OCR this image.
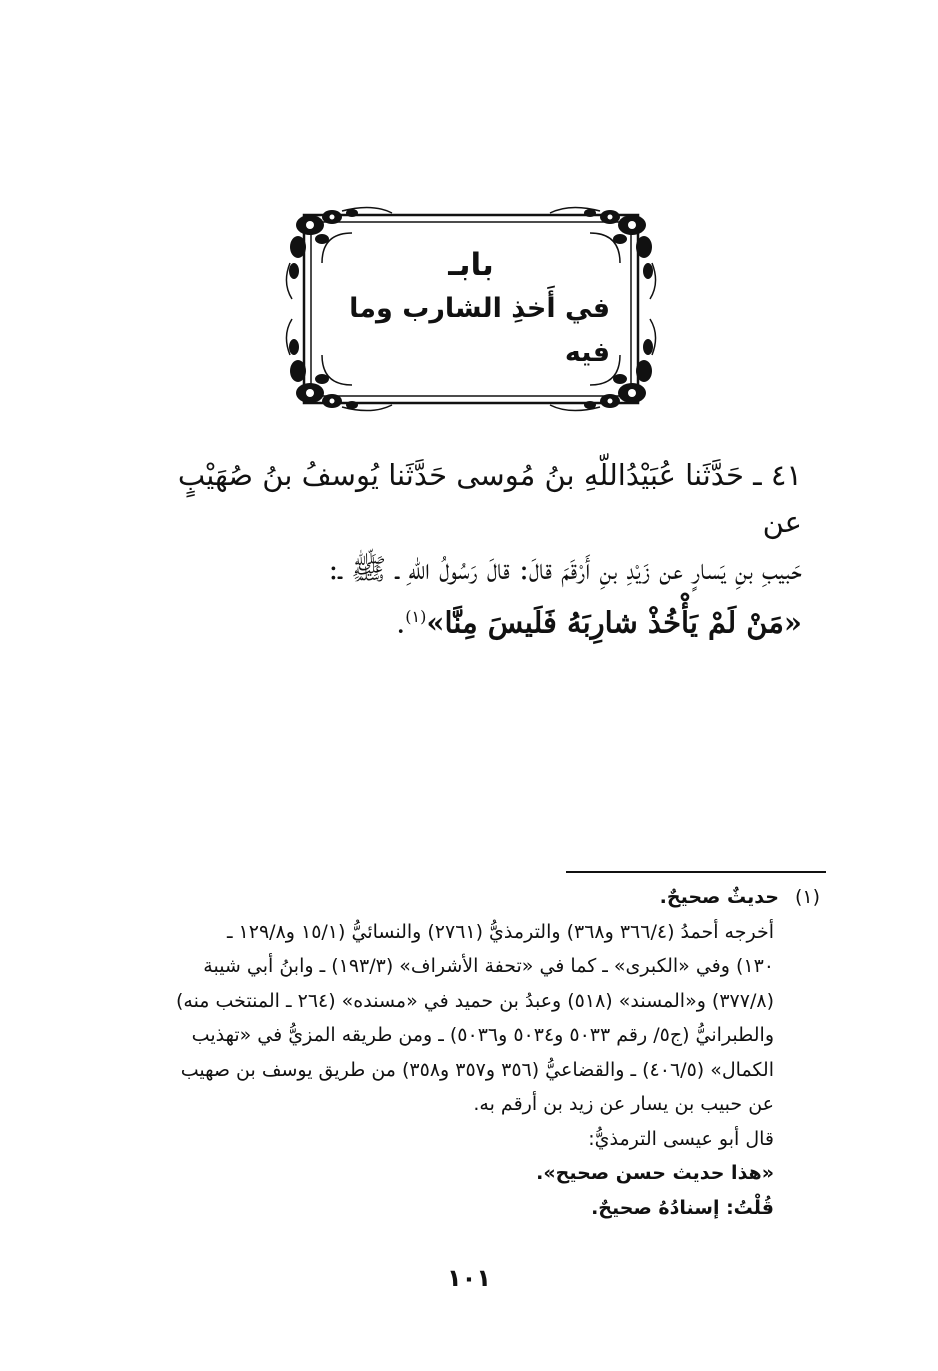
بابـ
في أَخذِ الشارب وما فيه

٤١ ـ حَدَّثَنا عُبَيْدُاللّهِ بنُ مُوسى حَدَّثَنا يُوسفُ بنُ صُهَيْبٍ عن

حَبيبِ بنِ يَسارٍ عن زَيْدِ بنِ أَرْقَمَ قالَ: قالَ رَسُولُ اللّهِ ـ ﷺ ـ:

«مَنْ لَمْ يَأْخُذْ شارِبَهُ فَلَيسَ مِنَّا»$^{(١)}$.

(١)حديثٌ صحيحٌ.
أخرجه أحمدُ (٣٦٦/٤ و٣٦٨) والترمذيُّ (٢٧٦١) والنسائيُّ (١٥/١ و١٢٩/٨ ـ
١٣٠) وفي «الكبرى» ـ كما في «تحفة الأشراف» (١٩٣/٣) ـ وابنُ أبي شيبة
(٣٧٧/٨) و«المسند» (٥١٨) وعبدُ بن حميد في «مسنده» (٢٦٤ ـ المنتخب منه)
والطبرانيُّ (ج٥/ رقم ٥٠٣٣ و٥٠٣٤ و٥٠٣٦) ـ ومن طريقه المزيُّ في «تهذيب
الكمال» (٤٠٦/٥) ـ والقضاعيُّ (٣٥٦ و٣٥٧ و٣٥٨) من طريق يوسف بن صهيب
عن حبيب بن يسار عن زيد بن أرقم به.
قال أبو عيسى الترمذيُّ:
«هذا حديث حسن صحيح».
قُلْتُ: إسنادُهُ صحيحٌ.
١٠١
